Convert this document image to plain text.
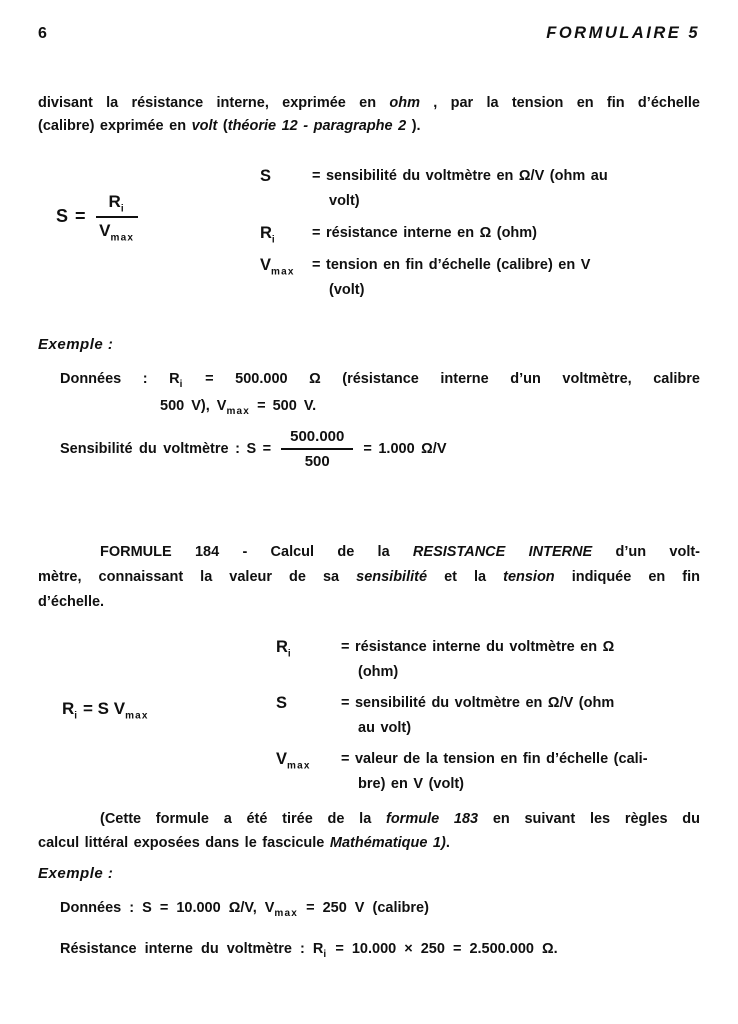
6	FORMULAIRE 5
divisant la résistance interne, exprimée en ohm , par la tension en fin d’échelle
(calibre) exprimée en volt (théorie 12 - paragraphe 2 ).
S =
$R_i$
$V_{max}$
S	= sensibilité du voltmètre en Ω/V (ohm au
volt)
$R_i$	= résistance interne en Ω (ohm)
$V_{max}$	= tension en fin d’échelle (calibre) en V
(volt)
Exemple :
Données : $R_i = 500.000$ Ω (résistance interne d’un voltmètre, calibre
500 V), $V_{max} = 500$ V.
Sensibilité du voltmètre : $S = \frac{500.000}{500} = 1.000$ Ω/V
FORMULE 184 - Calcul de la RESISTANCE INTERNE d’un volt-
mètre, connaissant la valeur de sa sensibilité et la tension indiquée en fin
d’échelle.
$R_i = S$ $V_{max}$
$R_i$	= résistance interne du voltmètre en Ω
(ohm)
S	= sensibilité du voltmètre en Ω/V (ohm
au volt)
$V_{max}$	= valeur de la tension en fin d’échelle (cali-
bre) en V (volt)
(Cette formule a été tirée de la formule 183 en suivant les règles du
calcul littéral exposées dans le fascicule Mathématique 1).
Exemple :
Données : S = 10.000 Ω/V, $V_{max} = 250$ V (calibre)
Résistance interne du voltmètre : $R_i = 10.000 \times 250 = 2.500.000$ Ω.
